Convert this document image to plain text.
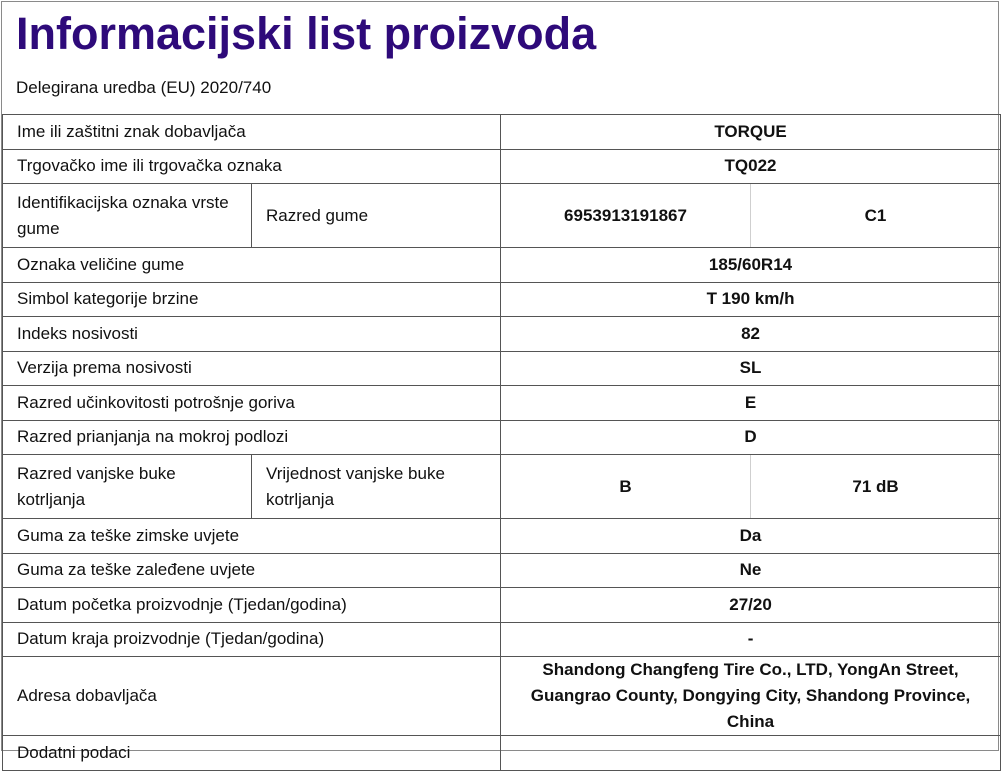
Informacijski list proizvoda
Delegirana uredba (EU) 2020/740
Ime ili zaštitni znak dobavljača		TORQUE	
Trgovačko ime ili trgovačka oznaka		TQ022	
Identifikacijska oznaka vrste gume	Razred gume	6953913191867	C1
Oznaka veličine gume		185/60R14	
Simbol kategorije brzine		T 190 km/h	
Indeks nosivosti		82	
Verzija prema nosivosti		SL	
Razred učinkovitosti potrošnje goriva		E	
Razred prianjanja na mokroj podlozi		D	
Razred vanjske buke kotrljanja	Vrijednost vanjske buke kotrljanja	B	71 dB
Guma za teške zimske uvjete		Da	
Guma za teške zaleđene uvjete		Ne	
Datum početka proizvodnje (Tjedan/godina)		27/20	
Datum kraja proizvodnje (Tjedan/godina)		-	
Adresa dobavljača		Shandong Changfeng Tire Co., LTD, YongAn Street, Guangrao County, Dongying City, Shandong Province, China	
Dodatni podaci			
